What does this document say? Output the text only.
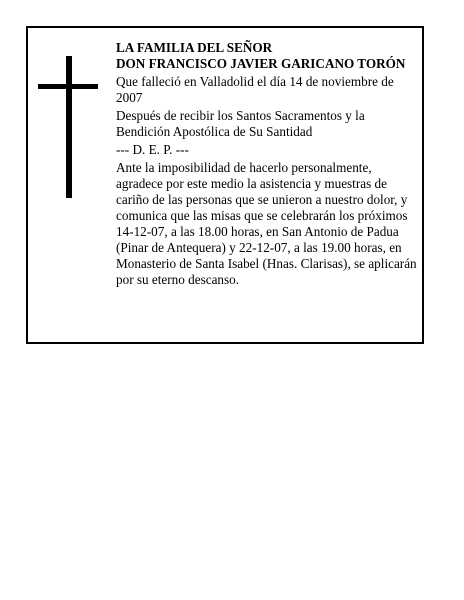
LA FAMILIA DEL SEÑOR

DON FRANCISCO JAVIER GARICANO TORÓN

Que falleció en Valladolid el día 14 de noviembre de 2007

Después de recibir los Santos Sacramentos y la Bendición Apostólica de Su Santidad

--- D. E. P. ---

Ante la imposibilidad de hacerlo personalmente, agradece por este medio la asistencia y muestras de cariño de las personas que se unieron a nuestro dolor, y comunica que las misas que se celebrarán los próximos 14-12-07, a las 18.00 horas, en San Antonio de Padua (Pinar de Antequera) y 22-12-07, a las 19.00 horas, en Monasterio de Santa Isabel (Hnas. Clarisas), se aplicarán por su eterno descanso.
